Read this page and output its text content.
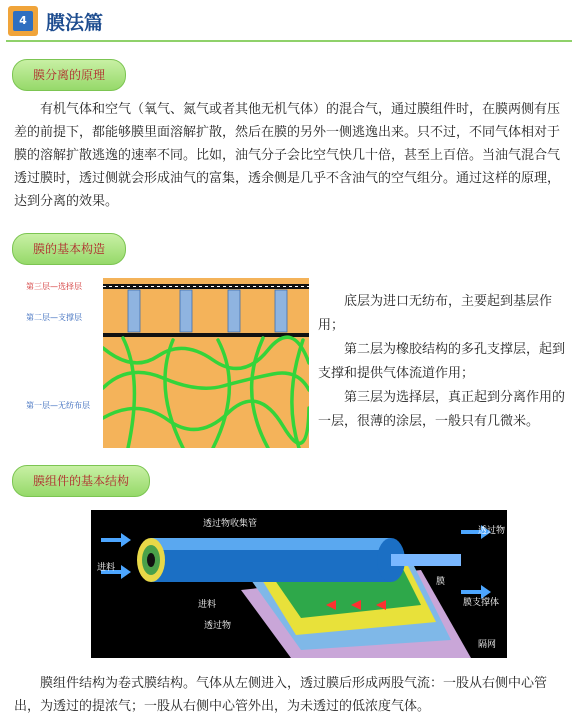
4	膜法篇
膜分离的原理

有机气体和空气（氧气、氮气或者其他无机气体）的混合气，通过膜组件时，在膜两侧有压差的前提下，都能够膜里面溶解扩散，然后在膜的另外一侧逃逸出来。只不过，不同气体相对于膜的溶解扩散逃逸的速率不同。比如，油气分子会比空气快几十倍，甚至上百倍。当油气混合气透过膜时，透过侧就会形成油气的富集，透余侧是几乎不含油气的空气组分。通过这样的原理，达到分离的效果。

膜的基本构造
第三层—选择层
第二层—支撑层
第一层—无纺布层

底层为进口无纺布，主要起到基层作用；

第二层为橡胶结构的多孔支撑层，起到支撑和提供气体流道作用；

第三层为选择层，真正起到分离作用的一层，很薄的涂层，一般只有几微米。

膜组件的基本结构
透过物收集管
进料
透过物
进料
透过物
膜
膜支撑体
隔网

膜组件结构为卷式膜结构。气体从左侧进入，透过膜后形成两股气流：一股从右侧中心管出，为透过的提浓气；一股从右侧中心管外出，为未透过的低浓度气体。
